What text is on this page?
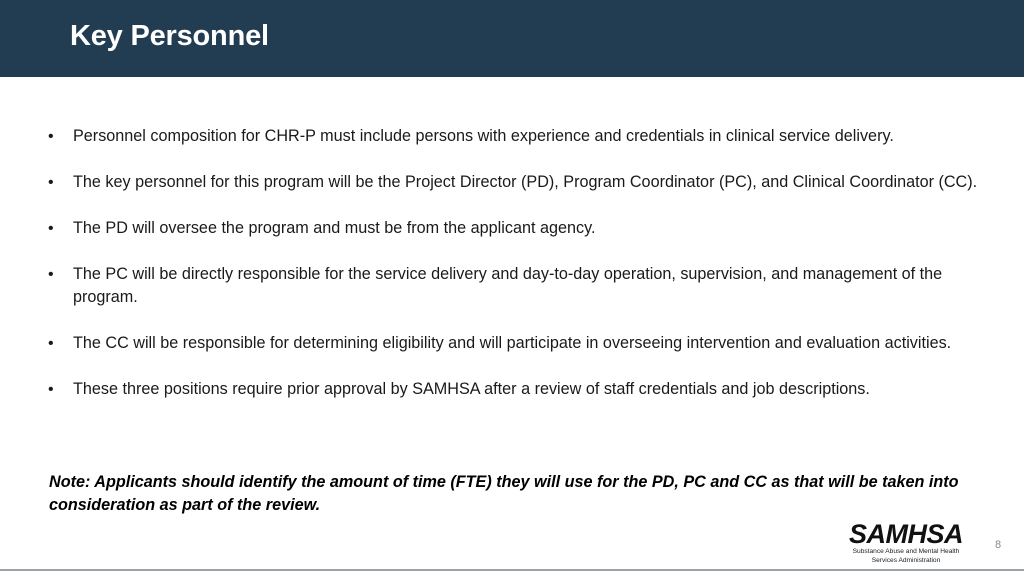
Key Personnel
• Personnel composition for CHR-P must include persons with experience and credentials in clinical service delivery.
• The key personnel for this program will be the Project Director (PD), Program Coordinator (PC), and Clinical Coordinator (CC).
• The PD will oversee the program and must be from the applicant agency.
• The PC will be directly responsible for the service delivery and day-to-day operation, supervision, and management of the program.
• The CC will be responsible for determining eligibility and will participate in overseeing intervention and evaluation activities.
• These three positions require prior approval by SAMHSA after a review of staff credentials and job descriptions.

Note: Applicants should identify the amount of time (FTE) they will use for the PD, PC and CC as that will be taken into consideration as part of the review.

SAMHSA
Substance Abuse and Mental Health
Services Administration
8
